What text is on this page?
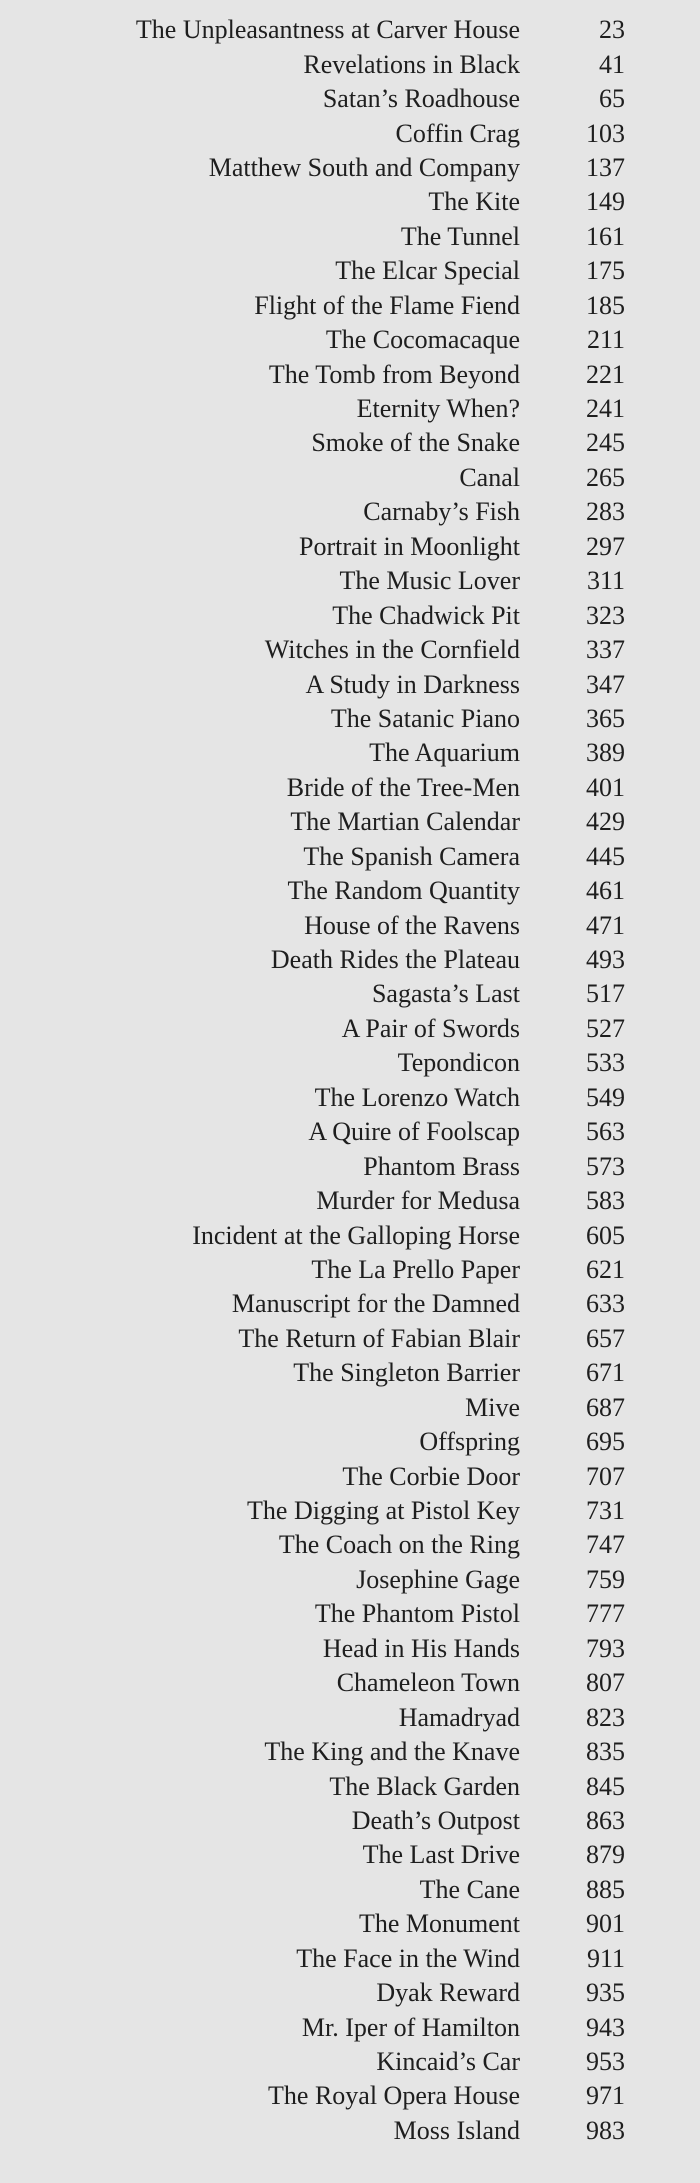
The Unpleasantness at Carver House	23
Revelations in Black	41
Satan’s Roadhouse	65
Coffin Crag	103
Matthew South and Company	137
The Kite	149
The Tunnel	161
The Elcar Special	175
Flight of the Flame Fiend	185
The Cocomacaque	211
The Tomb from Beyond	221
Eternity When?	241
Smoke of the Snake	245
Canal	265
Carnaby’s Fish	283
Portrait in Moonlight	297
The Music Lover	311
The Chadwick Pit	323
Witches in the Cornfield	337
A Study in Darkness	347
The Satanic Piano	365
The Aquarium	389
Bride of the Tree-Men	401
The Martian Calendar	429
The Spanish Camera	445
The Random Quantity	461
House of the Ravens	471
Death Rides the Plateau	493
Sagasta’s Last	517
A Pair of Swords	527
Tepondicon	533
The Lorenzo Watch	549
A Quire of Foolscap	563
Phantom Brass	573
Murder for Medusa	583
Incident at the Galloping Horse	605
The La Prello Paper	621
Manuscript for the Damned	633
The Return of Fabian Blair	657
The Singleton Barrier	671
Mive	687
Offspring	695
The Corbie Door	707
The Digging at Pistol Key	731
The Coach on the Ring	747
Josephine Gage	759
The Phantom Pistol	777
Head in His Hands	793
Chameleon Town	807
Hamadryad	823
The King and the Knave	835
The Black Garden	845
Death’s Outpost	863
The Last Drive	879
The Cane	885
The Monument	901
The Face in the Wind	911
Dyak Reward	935
Mr. Iper of Hamilton	943
Kincaid’s Car	953
The Royal Opera House	971
Moss Island	983
